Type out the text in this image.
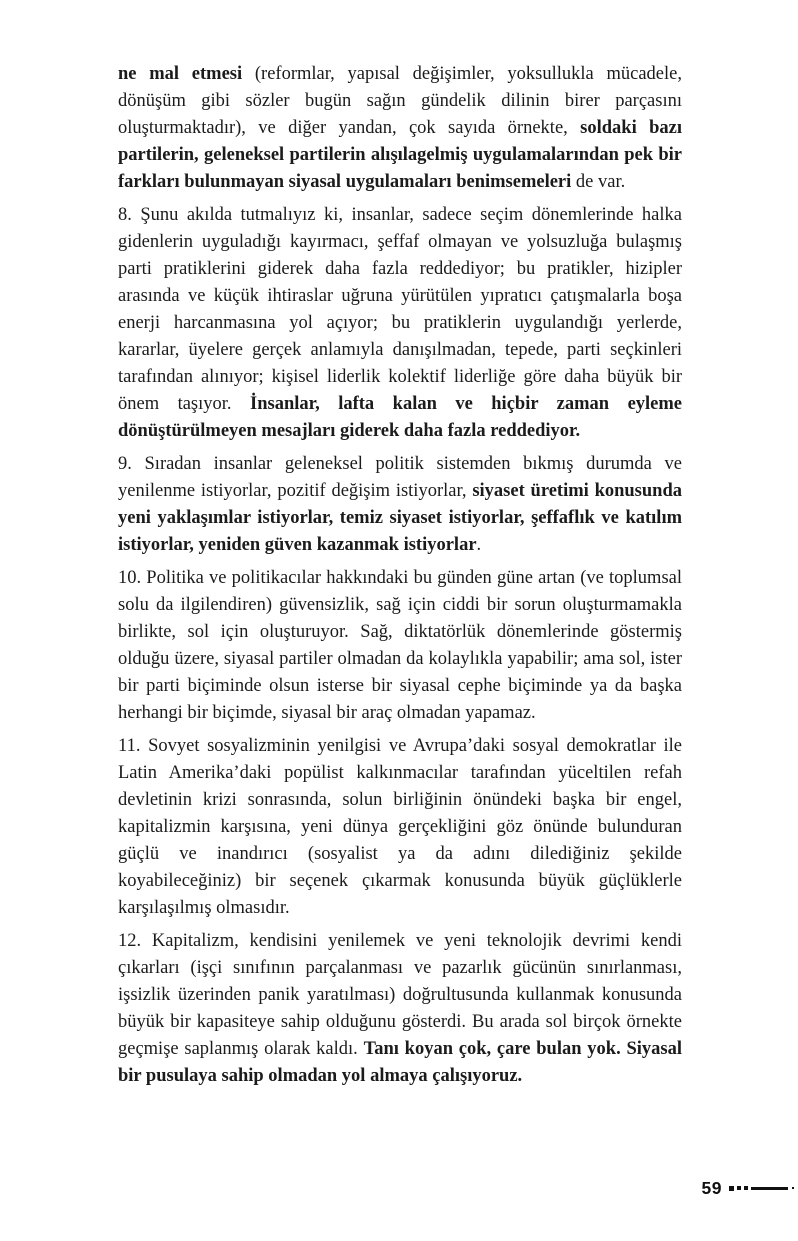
ne mal etmesi (reformlar, yapısal değişimler, yoksullukla mücadele, dönüşüm gibi sözler bugün sağın gündelik dilinin birer parçasını oluşturmaktadır), ve diğer yandan, çok sayıda örnekte, soldaki bazı partilerin, geleneksel partilerin alışılagelmiş uygulamalarından pek bir farkları bulunmayan siyasal uygulamaları benimsemeleri de var.

8. Şunu akılda tutmalıyız ki, insanlar, sadece seçim dönemlerinde halka gidenlerin uyguladığı kayırmacı, şeffaf olmayan ve yolsuzluğa bulaşmış parti pratiklerini giderek daha fazla reddediyor; bu pratikler, hizipler arasında ve küçük ihtiraslar uğruna yürütülen yıpratıcı çatışmalarla boşa enerji harcanmasına yol açıyor; bu pratiklerin uygulandığı yerlerde, kararlar, üyelere gerçek anlamıyla danışılmadan, tepede, parti seçkinleri tarafından alınıyor; kişisel liderlik kolektif liderliğe göre daha büyük bir önem taşıyor. İnsanlar, lafta kalan ve hiçbir zaman eyleme dönüştürülmeyen mesajları giderek daha fazla reddediyor.

9. Sıradan insanlar geleneksel politik sistemden bıkmış durumda ve yenilenme istiyorlar, pozitif değişim istiyorlar, siyaset üretimi konusunda yeni yaklaşımlar istiyorlar, temiz siyaset istiyorlar, şeffaflık ve katılım istiyorlar, yeniden güven kazanmak istiyorlar.

10. Politika ve politikacılar hakkındaki bu günden güne artan (ve toplumsal solu da ilgilendiren) güvensizlik, sağ için ciddi bir sorun oluşturmamakla birlikte, sol için oluşturuyor. Sağ, diktatörlük dönemlerinde göstermiş olduğu üzere, siyasal partiler olmadan da kolaylıkla yapabilir; ama sol, ister bir parti biçiminde olsun isterse bir siyasal cephe biçiminde ya da başka herhangi bir biçimde, siyasal bir araç olmadan yapamaz.

11. Sovyet sosyalizminin yenilgisi ve Avrupa’daki sosyal demokratlar ile Latin Amerika’daki popülist kalkınmacılar tarafından yüceltilen refah devletinin krizi sonrasında, solun birliğinin önündeki başka bir engel, kapitalizmin karşısına, yeni dünya gerçekliğini göz önünde bulunduran güçlü ve inandırıcı (sosyalist ya da adını dilediğiniz şekilde koyabileceğiniz) bir seçenek çıkarmak konusunda büyük güçlüklerle karşılaşılmış olmasıdır.

12. Kapitalizm, kendisini yenilemek ve yeni teknolojik devrimi kendi çıkarları (işçi sınıfının parçalanması ve pazarlık gücünün sınırlanması, işsizlik üzerinden panik yaratılması) doğrultusunda kullanmak konusunda büyük bir kapasiteye sahip olduğunu gösterdi. Bu arada sol birçok örnekte geçmişe saplanmış olarak kaldı. Tanı koyan çok, çare bulan yok. Siyasal bir pusulaya sahip olmadan yol almaya çalışıyoruz.

59
